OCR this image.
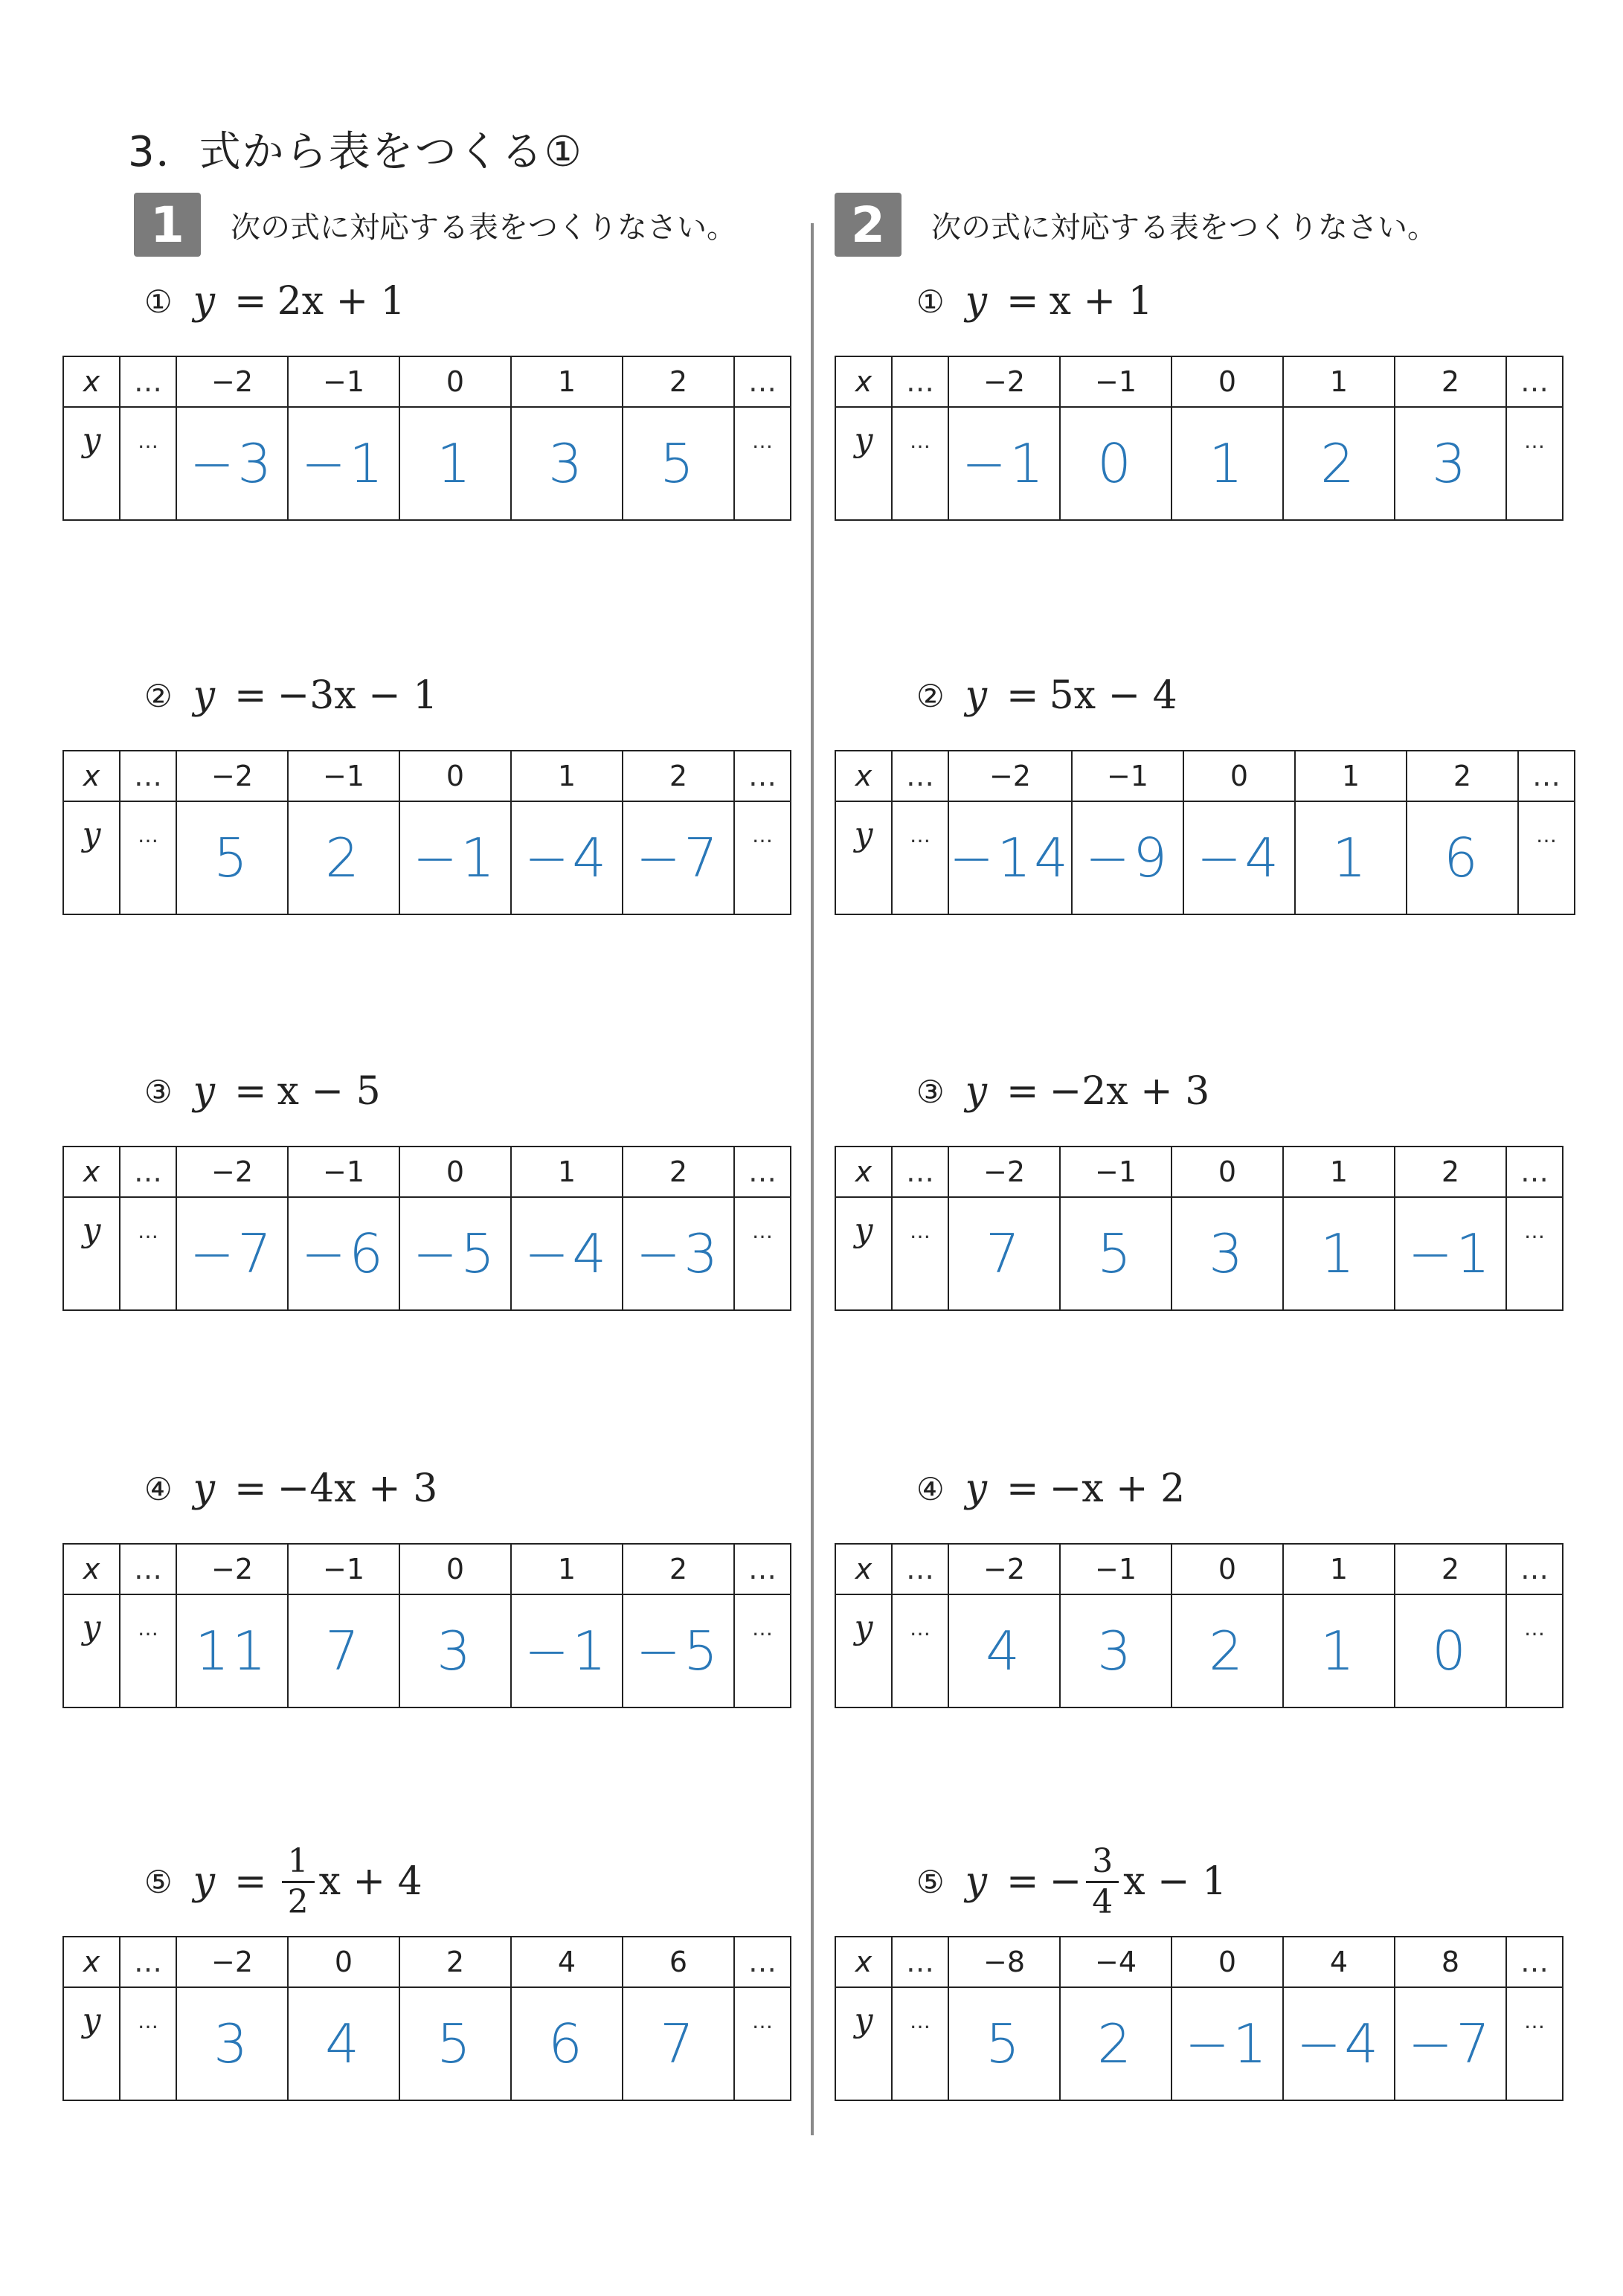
3．式から表をつくる①
1	次の式に対応する表をつくりなさい。
① y = 2x + 1
x	…	−2	−1	0	1	2	…
y	…	−3	−1	1	3	5	…
② y = −3x − 1
x	…	−2	−1	0	1	2	…
y	…	5	2	−1	−4	−7	…
③ y = x − 5
x	…	−2	−1	0	1	2	…
y	…	−7	−6	−5	−4	−3	…
④ y = −4x + 3
x	…	−2	−1	0	1	2	…
y	…	11	7	3	−1	−5	…
⑤ $y = \frac{1}{2}$ x + 4
x	…	−2	0	2	4	6	…
y	…	3	4	5	6	7	…
2	次の式に対応する表をつくりなさい。
① y = x + 1
x	…	−2	−1	0	1	2	…
y	…	−1	0	1	2	3	…
② y = 5x − 4
x	…	−2	−1	0	1	2	…
y	…	−14	−9	−4	1	6	…
③ y = −2x + 3
x	…	−2	−1	0	1	2	…
y	…	7	5	3	1	−1	…
④ y = −x + 2
x	…	−2	−1	0	1	2	…
y	…	4	3	2	1	0	…
⑤ y = − $\frac{3}{4}$ x − 1
x	…	−8	−4	0	4	8	…
y	…	5	2	−1	−4	−7	…
